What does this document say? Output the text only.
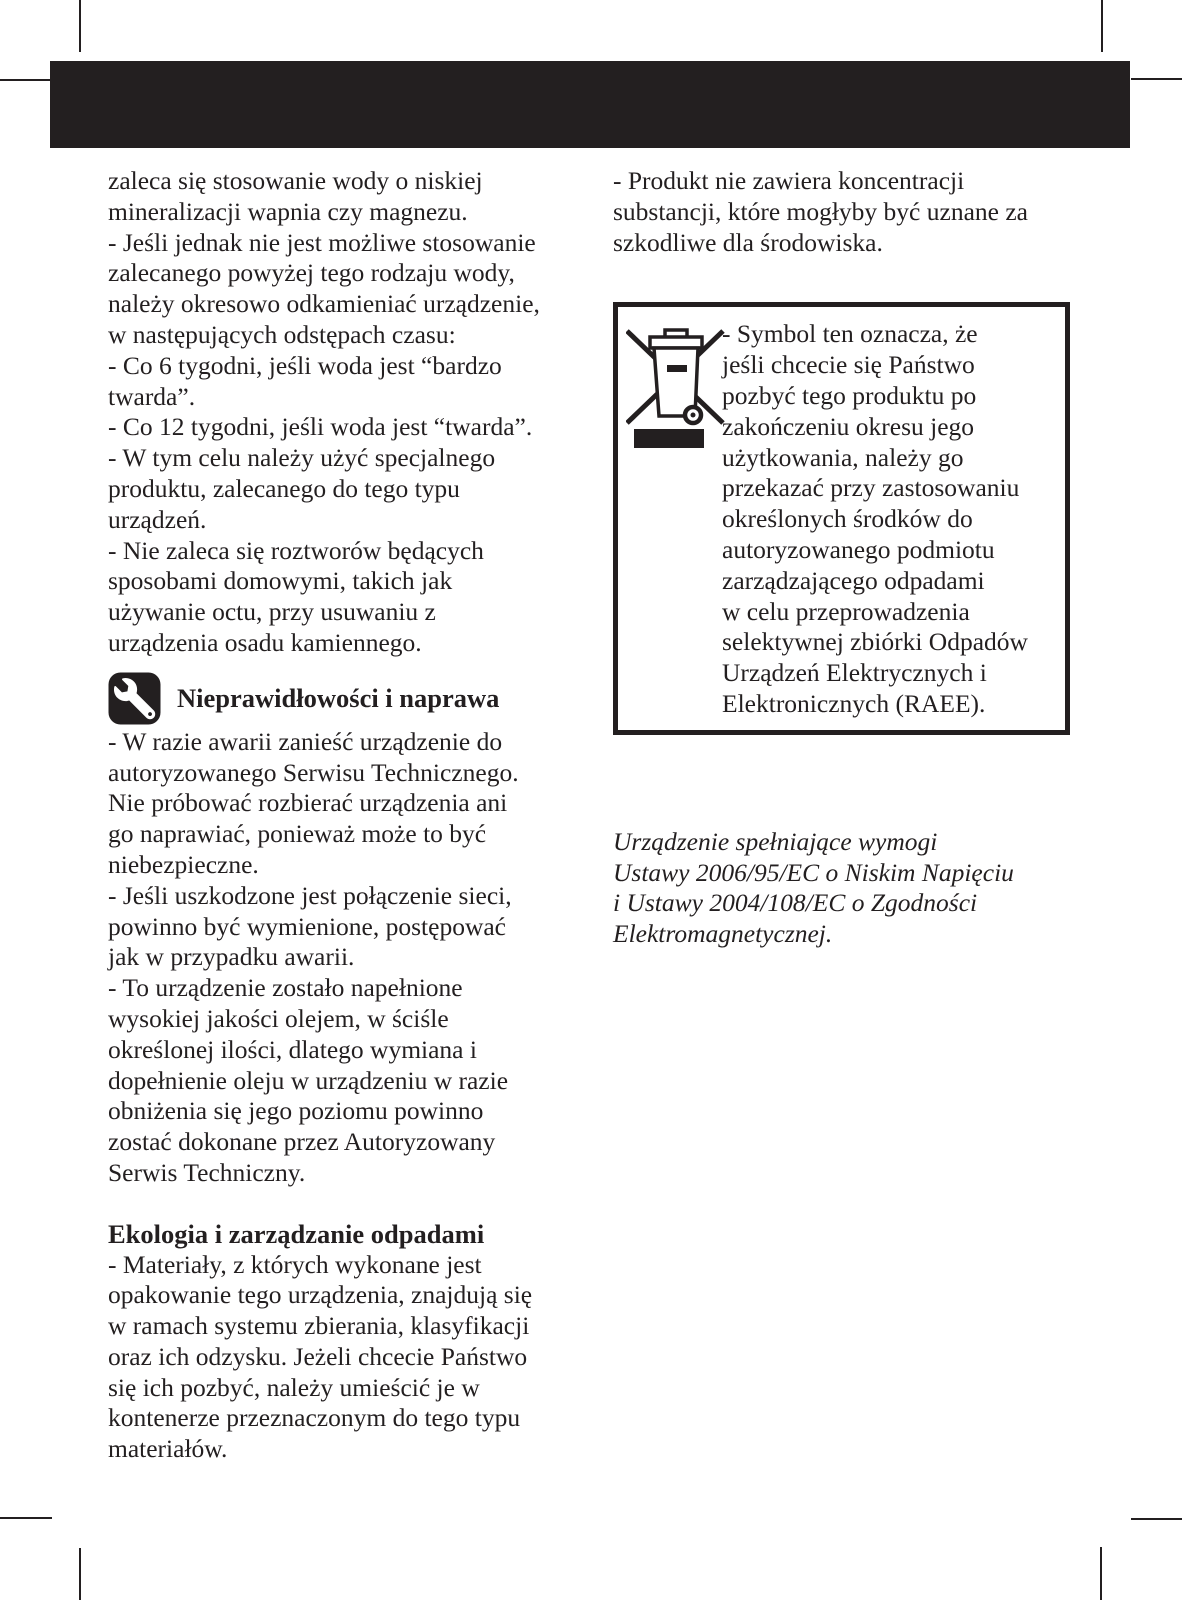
zaleca się stosowanie wody o niskiej
mineralizacji wapnia czy magnezu.
- Jeśli jednak nie jest możliwe stosowanie
zalecanego powyżej tego rodzaju wody,
należy okresowo odkamieniać urządzenie,
w następujących odstępach czasu:
- Co 6 tygodni, jeśli woda jest “bardzo
twarda”.
- Co 12 tygodni, jeśli woda jest “twarda”.
- W tym celu należy użyć specjalnego
produktu, zalecanego do tego typu
urządzeń.
- Nie zaleca się roztworów będących
sposobami domowymi, takich jak
używanie octu, przy usuwaniu z
urządzenia osadu kamiennego.
Nieprawidłowości i naprawa
- W razie awarii zanieść urządzenie do
autoryzowanego Serwisu Technicznego.
Nie próbować rozbierać urządzenia ani
go naprawiać, ponieważ może to być
niebezpieczne.
- Jeśli uszkodzone jest połączenie sieci,
powinno być wymienione, postępować
jak w przypadku awarii.
- To urządzenie zostało napełnione
wysokiej jakości olejem, w ściśle
określonej ilości, dlatego wymiana i
dopełnienie oleju w urządzeniu w razie
obniżenia się jego poziomu powinno
zostać dokonane przez Autoryzowany
Serwis Techniczny.
Ekologia i zarządzanie odpadami
- Materiały, z których wykonane jest
opakowanie tego urządzenia, znajdują się
w ramach systemu zbierania, klasyfikacji
oraz ich odzysku. Jeżeli chcecie Państwo
się ich pozbyć, należy umieścić je w
kontenerze przeznaczonym do tego typu
materiałów.
- Produkt nie zawiera koncentracji
substancji, które mogłyby być uznane za
szkodliwe dla środowiska.
- Symbol ten oznacza, że
jeśli chcecie się Państwo
pozbyć tego produktu po
zakończeniu okresu jego
użytkowania, należy go
przekazać przy zastosowaniu
określonych środków do
autoryzowanego podmiotu
zarządzającego odpadami
w celu przeprowadzenia
selektywnej zbiórki Odpadów
Urządzeń Elektrycznych i
Elektronicznych (RAEE).
Urządzenie spełniające wymogi
Ustawy 2006/95/EC o Niskim Napięciu
i Ustawy 2004/108/EC o Zgodności
Elektromagnetycznej.
